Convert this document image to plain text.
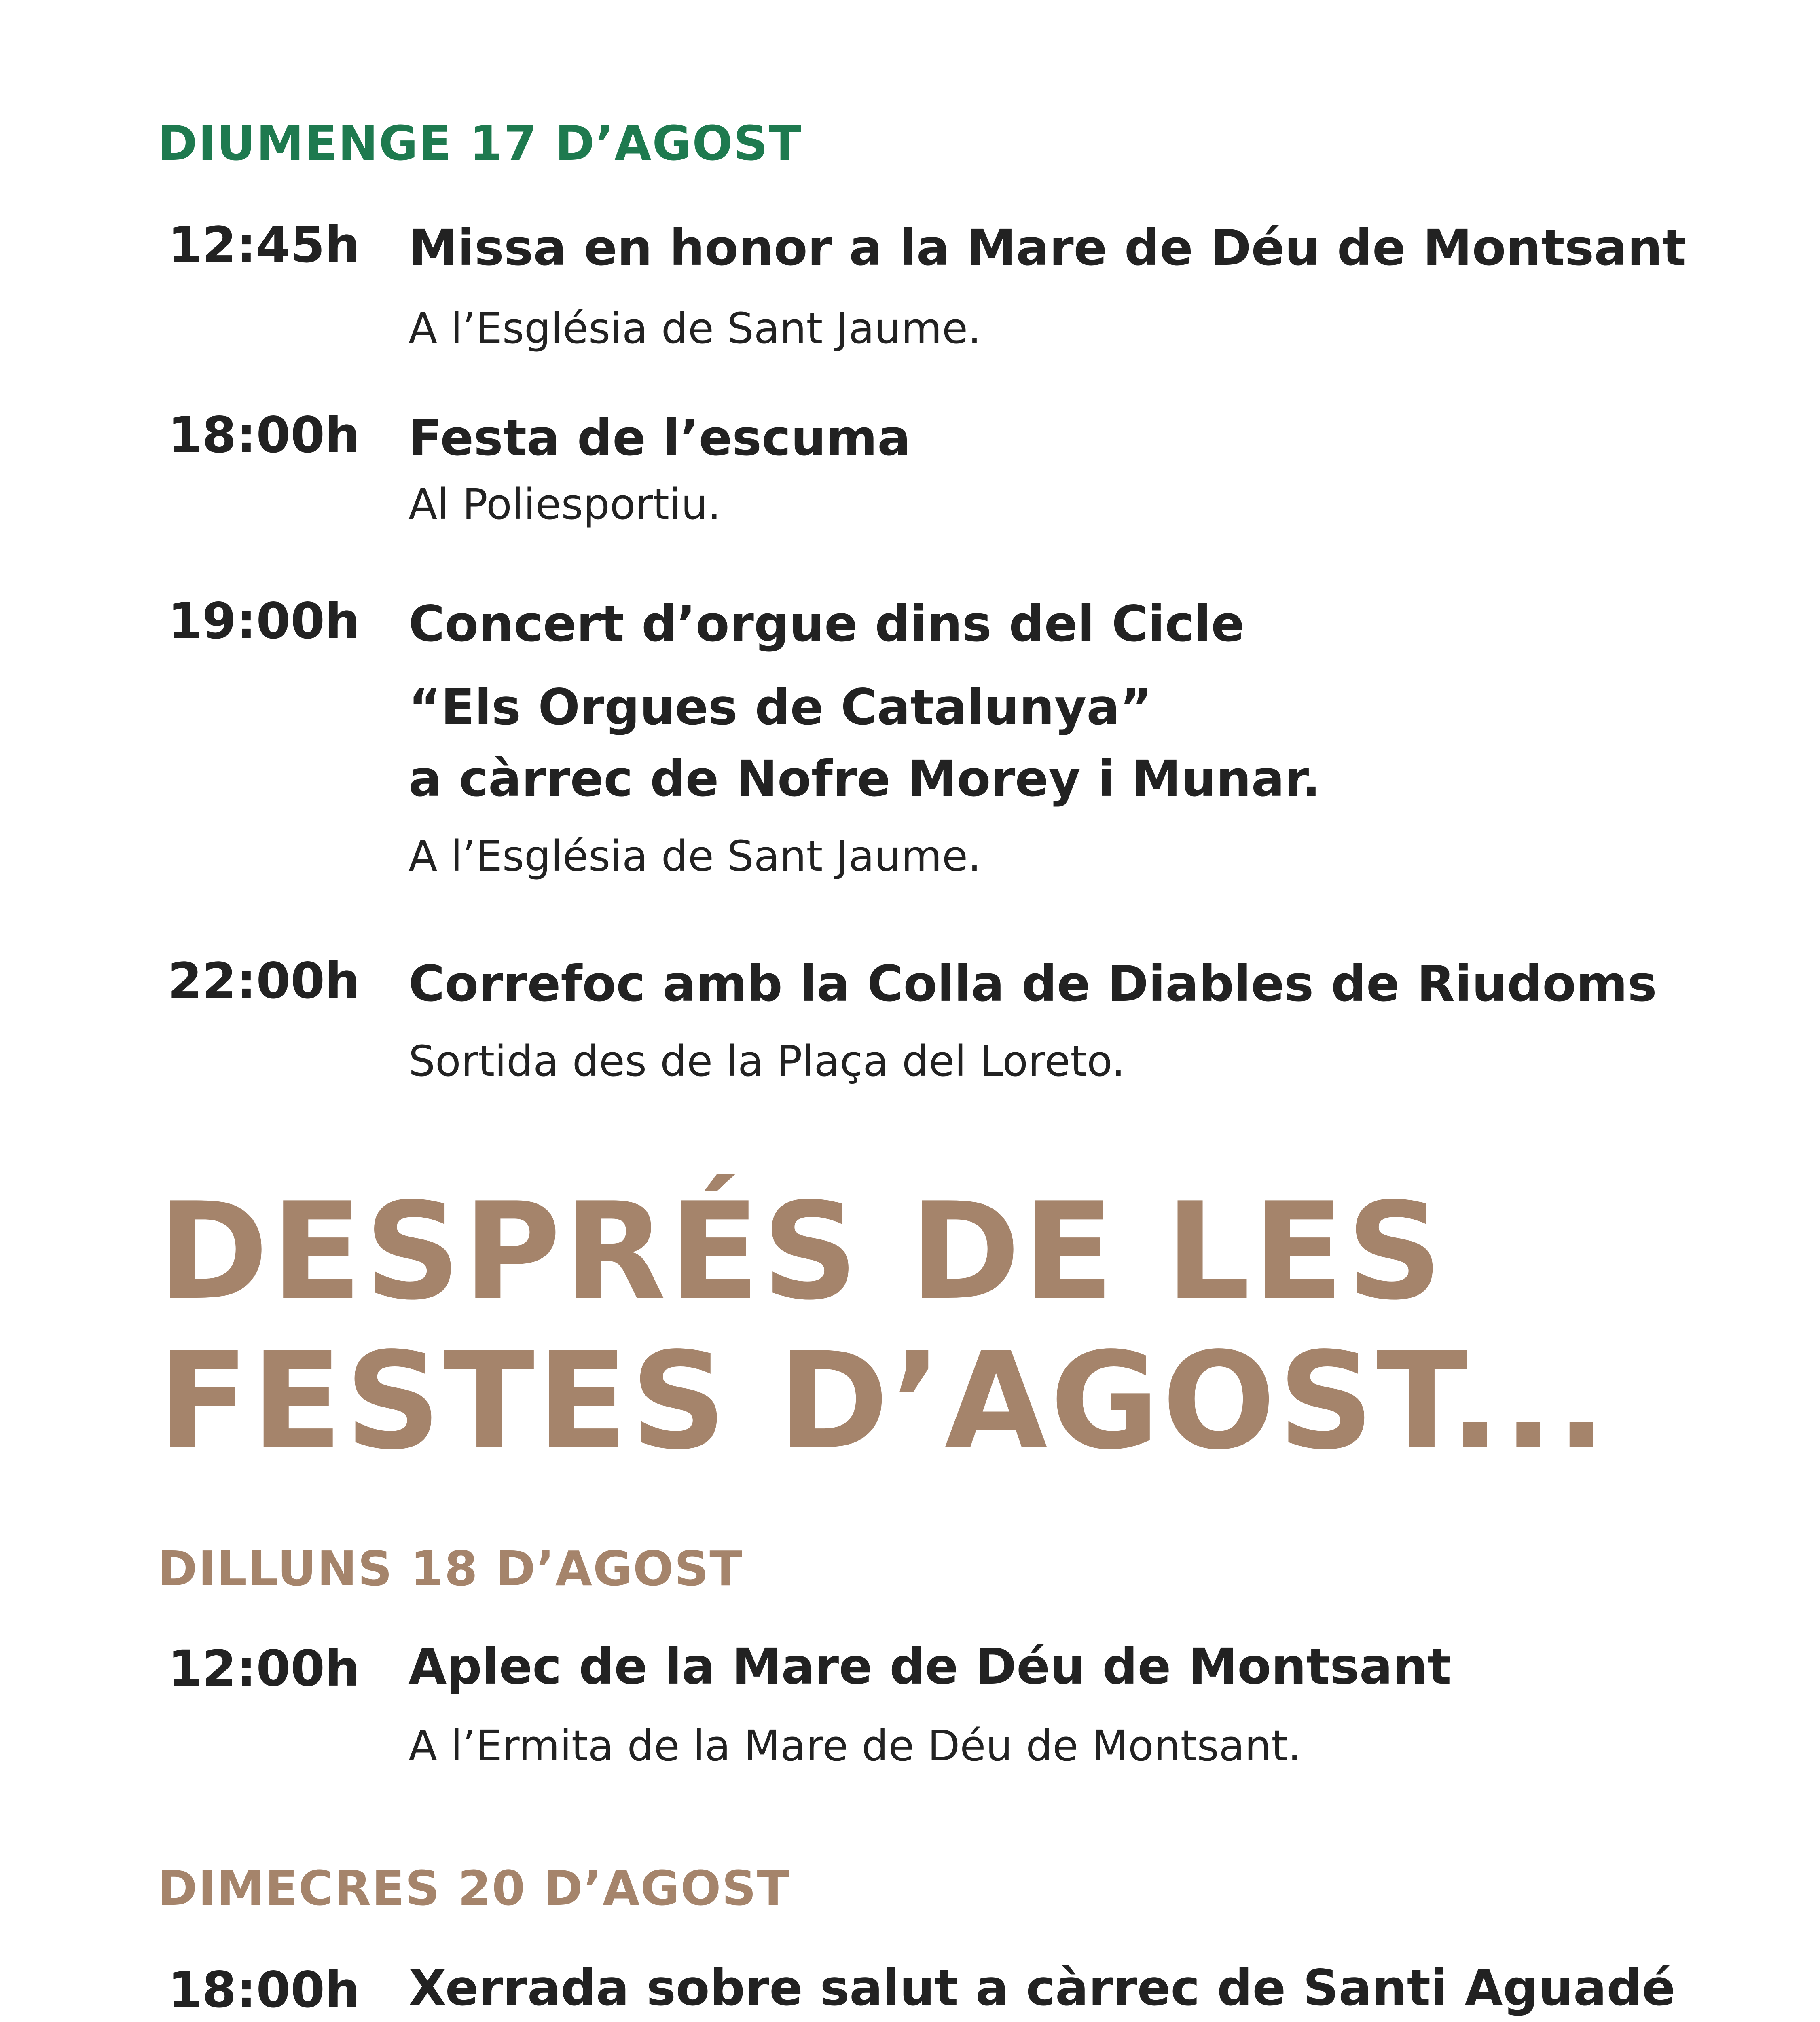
DIUMENGE 17 D’AGOST
12:45h Missa en honor a la Mare de Déu de Montsant
A l’Església de Sant Jaume.
18:00h Festa de l’escuma
Al Poliesportiu.
19:00h Concert d’orgue dins del Cicle
“Els Orgues de Catalunya”
a càrrec de Nofre Morey i Munar.
A l’Església de Sant Jaume.
22:00h Correfoc amb la Colla de Diables de Riudoms
Sortida des de la Plaça del Loreto.
DESPRÉS DE LES
FESTES D’AGOST...
DILLUNS 18 D’AGOST
12:00h Aplec de la Mare de Déu de Montsant
A l’Ermita de la Mare de Déu de Montsant.
DIMECRES 20 D’AGOST
18:00h Xerrada sobre salut a càrrec de Santi Aguadé
